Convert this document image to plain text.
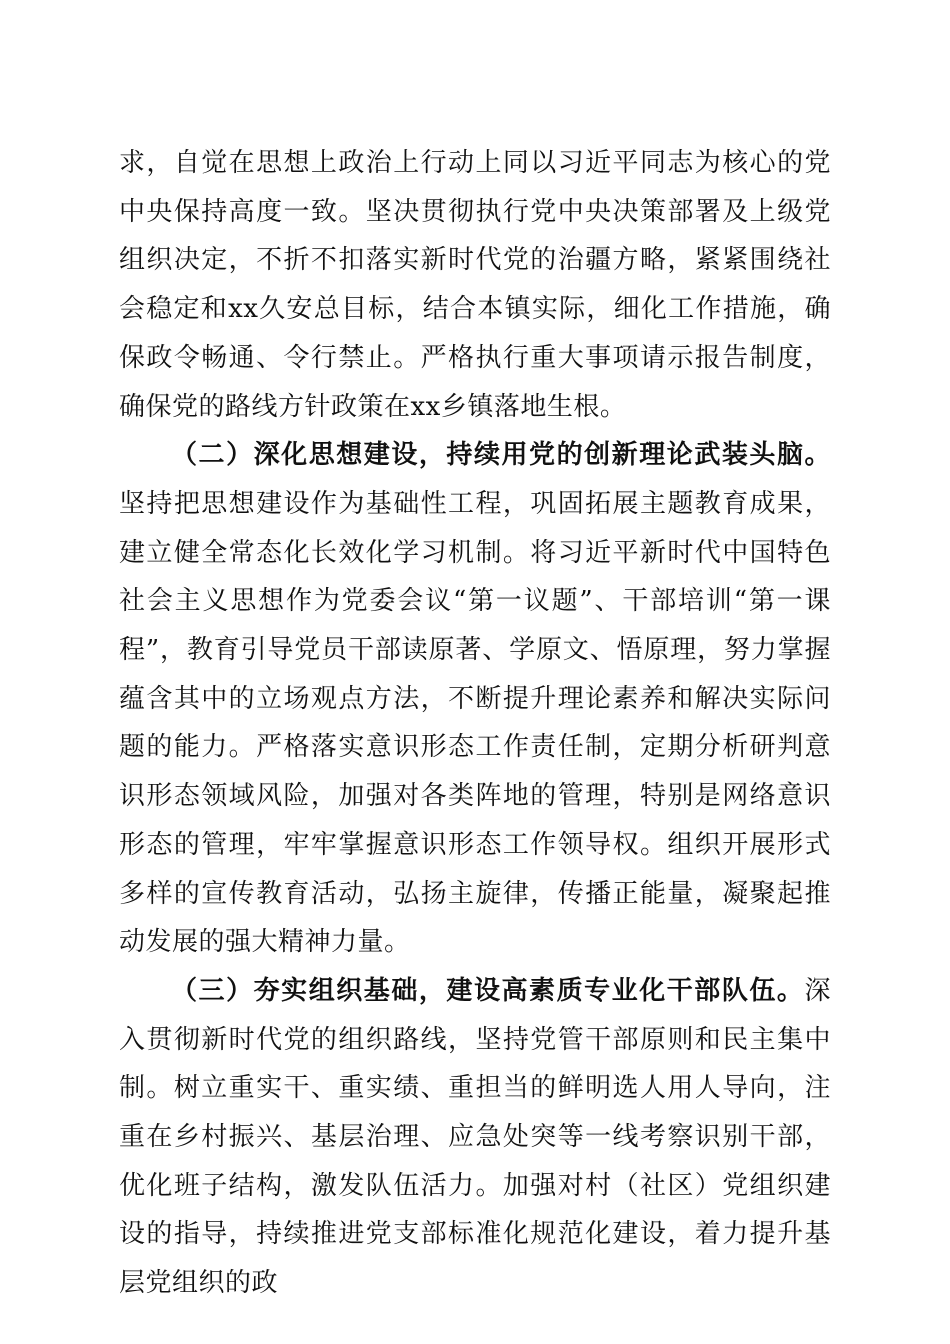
求，自觉在思想上政治上行动上同以习近平同志为核心的党中央保持高度一致。坚决贯彻执行党中央决策部署及上级党组织决定，不折不扣落实新时代党的治疆方略，紧紧围绕社会稳定和xx久安总目标，结合本镇实际，细化工作措施，确保政令畅通、令行禁止。严格执行重大事项请示报告制度，确保党的路线方针政策在xx乡镇落地生根。

（二）深化思想建设，持续用党的创新理论武装头脑。坚持把思想建设作为基础性工程，巩固拓展主题教育成果，建立健全常态化长效化学习机制。将习近平新时代中国特色社会主义思想作为党委会议“第一议题”、干部培训“第一课程”，教育引导党员干部读原著、学原文、悟原理，努力掌握蕴含其中的立场观点方法，不断提升理论素养和解决实际问题的能力。严格落实意识形态工作责任制，定期分析研判意识形态领域风险，加强对各类阵地的管理，特别是网络意识形态的管理，牢牢掌握意识形态工作领导权。组织开展形式多样的宣传教育活动，弘扬主旋律，传播正能量，凝聚起推动发展的强大精神力量。

（三）夯实组织基础，建设高素质专业化干部队伍。深入贯彻新时代党的组织路线，坚持党管干部原则和民主集中制。树立重实干、重实绩、重担当的鲜明选人用人导向，注重在乡村振兴、基层治理、应急处突等一线考察识别干部，优化班子结构，激发队伍活力。加强对村（社区）党组织建设的指导，持续推进党支部标准化规范化建设，着力提升基层党组织的政
